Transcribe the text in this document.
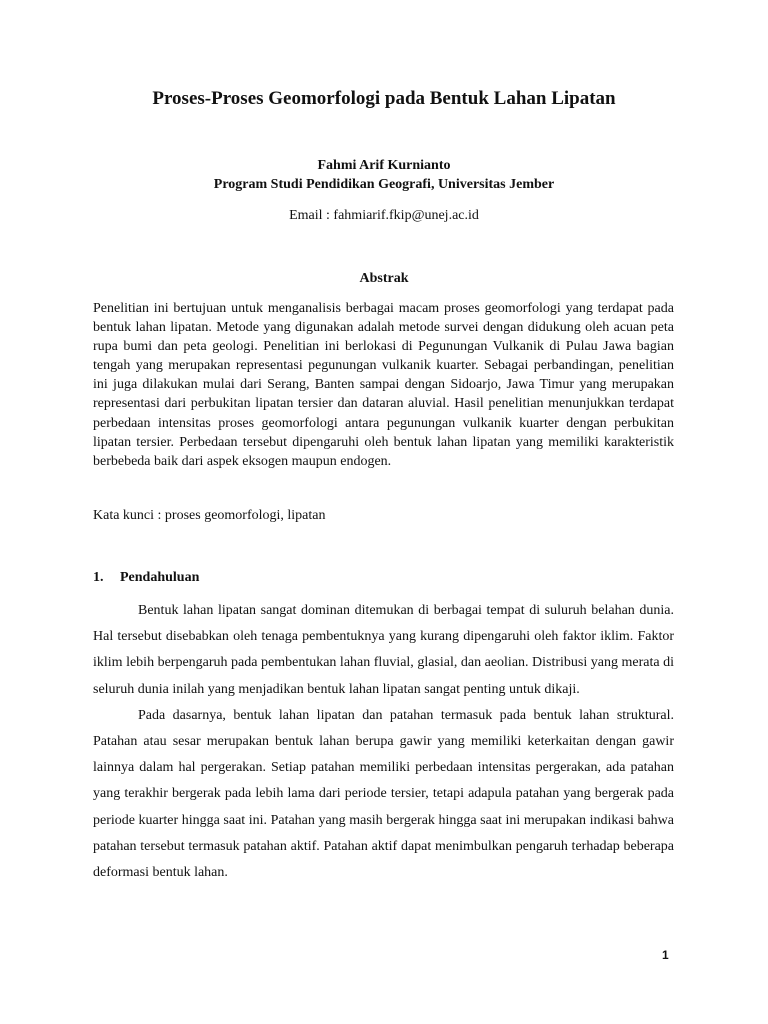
Proses-Proses Geomorfologi pada Bentuk Lahan Lipatan

Fahmi Arif Kurnianto

Program Studi Pendidikan Geografi, Universitas Jember

Email : fahmiarif.fkip@unej.ac.id

Abstrak

Penelitian ini bertujuan untuk menganalisis berbagai macam proses geomorfologi yang terdapat pada bentuk lahan lipatan. Metode yang digunakan adalah metode survei dengan didukung oleh acuan peta rupa bumi dan peta geologi. Penelitian ini berlokasi di Pegunungan Vulkanik di Pulau Jawa bagian tengah yang merupakan representasi pegunungan vulkanik kuarter. Sebagai perbandingan, penelitian ini juga dilakukan mulai dari Serang, Banten sampai dengan Sidoarjo, Jawa Timur yang merupakan representasi dari perbukitan lipatan tersier dan dataran aluvial. Hasil penelitian menunjukkan terdapat perbedaan intensitas proses geomorfologi antara pegunungan vulkanik kuarter dengan perbukitan lipatan tersier. Perbedaan tersebut dipengaruhi oleh bentuk lahan lipatan yang memiliki karakteristik berbebeda baik dari aspek eksogen maupun endogen.

Kata kunci : proses geomorfologi, lipatan

1. Pendahuluan

Bentuk lahan lipatan sangat dominan ditemukan di berbagai tempat di suluruh belahan dunia. Hal tersebut disebabkan oleh tenaga pembentuknya yang kurang dipengaruhi oleh faktor iklim. Faktor iklim lebih berpengaruh pada pembentukan lahan fluvial, glasial, dan aeolian. Distribusi yang merata di seluruh dunia inilah yang menjadikan bentuk lahan lipatan sangat penting untuk dikaji.

Pada dasarnya, bentuk lahan lipatan dan patahan termasuk pada bentuk lahan struktural. Patahan atau sesar merupakan bentuk lahan berupa gawir yang memiliki keterkaitan dengan gawir lainnya dalam hal pergerakan. Setiap patahan memiliki perbedaan intensitas pergerakan, ada patahan yang terakhir bergerak pada lebih lama dari periode tersier, tetapi adapula patahan yang bergerak pada periode kuarter hingga saat ini. Patahan yang masih bergerak hingga saat ini merupakan indikasi bahwa patahan tersebut termasuk patahan aktif. Patahan aktif dapat menimbulkan pengaruh terhadap beberapa deformasi bentuk lahan.

1
